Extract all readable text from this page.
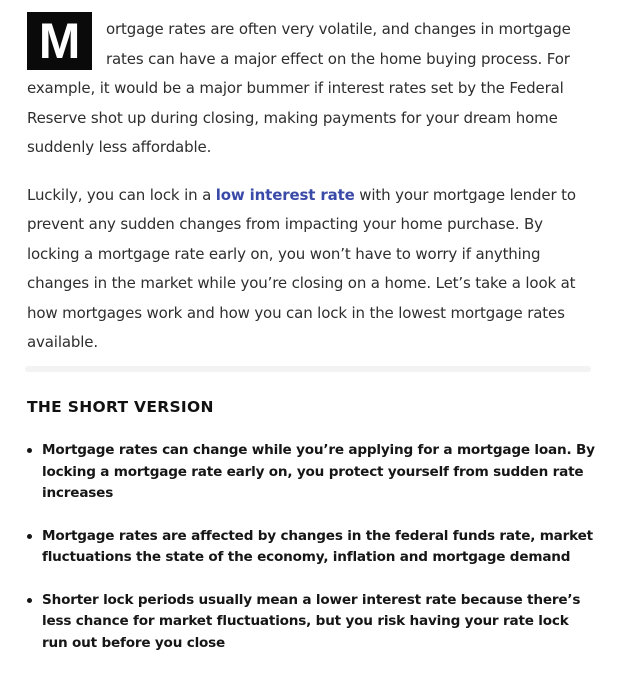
M	ortgage rates are often very volatile, and changes in mortgage rates can have a major effect on the home buying process. For example, it would be a major bummer if interest rates set by the Federal Reserve shot up during closing, making payments for your dream home suddenly less affordable.

Luckily, you can lock in a low interest rate with your mortgage lender to prevent any sudden changes from impacting your home purchase. By locking a mortgage rate early on, you won’t have to worry if anything changes in the market while you’re closing on a home. Let’s take a look at how mortgages work and how you can lock in the lowest mortgage rates available.

THE SHORT VERSION
Mortgage rates can change while you’re applying for a mortgage loan. By locking a mortgage rate early on, you protect yourself from sudden rate increases
Mortgage rates are affected by changes in the federal funds rate, market fluctuations the state of the economy, inflation and mortgage demand
Shorter lock periods usually mean a lower interest rate because there’s less chance for market fluctuations, but you risk having your rate lock run out before you close
